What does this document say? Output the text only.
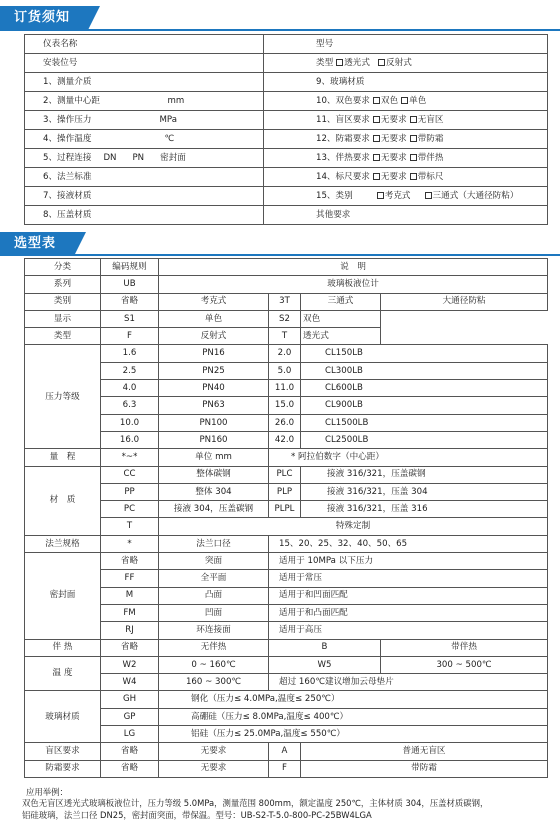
订货须知
仪表名称	型号
安装位号	类型 透光式 反射式
1、测量介质	9、玻璃材质
2、测量中心距 mm	10、双色要求 双色 单色
3、操作压力 MPa	11、盲区要求 无要求 无盲区
4、操作温度 ℃	12、防霜要求 无要求 带防霜
5、过程连接 DN PN 密封面	13、伴热要求 无要求 带伴热
6、法兰标准	14、标尺要求 无要求 带标尺
7、接液材质	15、类别 考克式 三通式（大通径防粘）
8、压盖材质	其他要求
选型表
分类	编码规则	说　明			
系列	UB	玻璃板液位计			
类别	省略	考克式	3T	三通式	大通径防粘
显示	S1	单色	S2	双色	
类型	F	反射式	T	透光式	
压力等级	1.6	PN16	2.0	CL150LB	
	2.5	PN25	5.0	CL300LB	
	4.0	PN40	11.0	CL600LB	
	6.3	PN63	15.0	CL900LB	
	10.0	PN100	26.0	CL1500LB	
	16.0	PN160	42.0	CL2500LB	
量　程	*~*	单位 mm	* 阿拉伯数字（中心距）		
材　质	CC	整体碳钢	PLC	接液 316/321，压盖碳钢	
	PP	整体 304	PLP	接液 316/321，压盖 304	
	PC	接液 304，压盖碳钢	PLPL	接液 316/321，压盖 316	
	T	特殊定制			
法兰规格	*	法兰口径	15、20、25、32、40、50、65		
密封面	省略	突面	适用于 10MPa 以下压力		
	FF	全平面	适用于常压		
	M	凸面	适用于和凹面匹配		
	FM	凹面	适用于和凸面匹配		
	RJ	环连接面	适用于高压		
伴 热	省略	无伴热	B		带伴热
温 度	W2	0 ~ 160℃	W5		300 ~ 500℃
	W4	160 ~ 300℃	超过 160℃建议增加云母垫片		
玻璃材质	GH	钢化（压力≤ 4.0MPa,温度≤ 250℃）			
	GP	高硼硅（压力≤ 8.0MPa,温度≤ 400℃）			
	LG	铝硅（压力≤ 25.0MPa,温度≤ 550℃）			
盲区要求	省略	无要求	A	普通无盲区	
防霜要求	省略	无要求	F	带防霜	
应用举例：
双色无盲区透光式玻璃板液位计，压力等级 5.0MPa，测量范围 800mm，额定温度 250℃，主体材质 304，压盖材质碳钢，
铝硅玻璃，法兰口径 DN25，密封面突面，带保温。型号：UB-S2-T-5.0-800-PC-25BW4LGA
